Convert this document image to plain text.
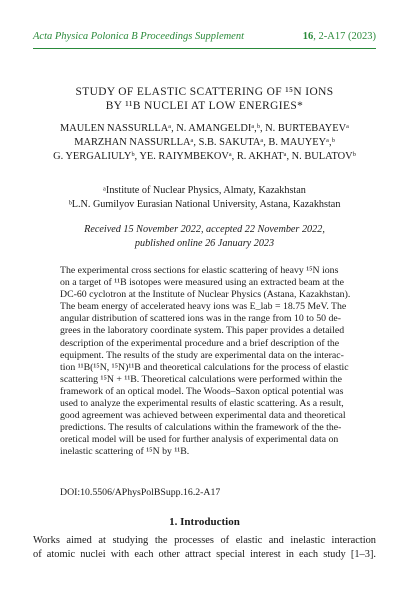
Acta Physica Polonica B Proceedings Supplement	16, 2-A17 (2023)
STUDY OF ELASTIC SCATTERING OF ¹⁵N IONS
BY ¹¹B NUCLEI AT LOW ENERGIES*
MAULEN NASSURLLAᵃ, N. AMANGELDIᵃ,ᵇ, N. BURTEBAYEVᵃ
MARZHAN NASSURLLAᵃ, S.B. SAKUTAᵃ, B. MAUYEYᵃ,ᵇ
G. YERGALIULYᵇ, YE. RAIYMBEKOVᵃ, R. AKHATᵃ, N. BULATOVᵇ
ᵃInstitute of Nuclear Physics, Almaty, Kazakhstan
ᵇL.N. Gumilyov Eurasian National University, Astana, Kazakhstan
Received 15 November 2022, accepted 22 November 2022,
published online 26 January 2023
The experimental cross sections for elastic scattering of heavy ¹⁵N ions
on a target of ¹¹B isotopes were measured using an extracted beam at the
DC-60 cyclotron at the Institute of Nuclear Physics (Astana, Kazakhstan).
The beam energy of accelerated heavy ions was E_lab = 18.75 MeV. The
angular distribution of scattered ions was in the range from 10 to 50 de-
grees in the laboratory coordinate system. This paper provides a detailed
description of the experimental procedure and a brief description of the
equipment. The results of the study are experimental data on the interac-
tion ¹¹B(¹⁵N, ¹⁵N)¹¹B and theoretical calculations for the process of elastic
scattering ¹⁵N + ¹¹B. Theoretical calculations were performed within the
framework of an optical model. The Woods–Saxon optical potential was
used to analyze the experimental results of elastic scattering. As a result,
good agreement was achieved between experimental data and theoretical
predictions. The results of calculations within the framework of the the-
oretical model will be used for further analysis of experimental data on
inelastic scattering of ¹⁵N by ¹¹B.
DOI:10.5506/APhysPolBSupp.16.2-A17
1. Introduction
Works aimed at studying the processes of elastic and inelastic interaction
of atomic nuclei with each other attract special interest in each study [1–3].
